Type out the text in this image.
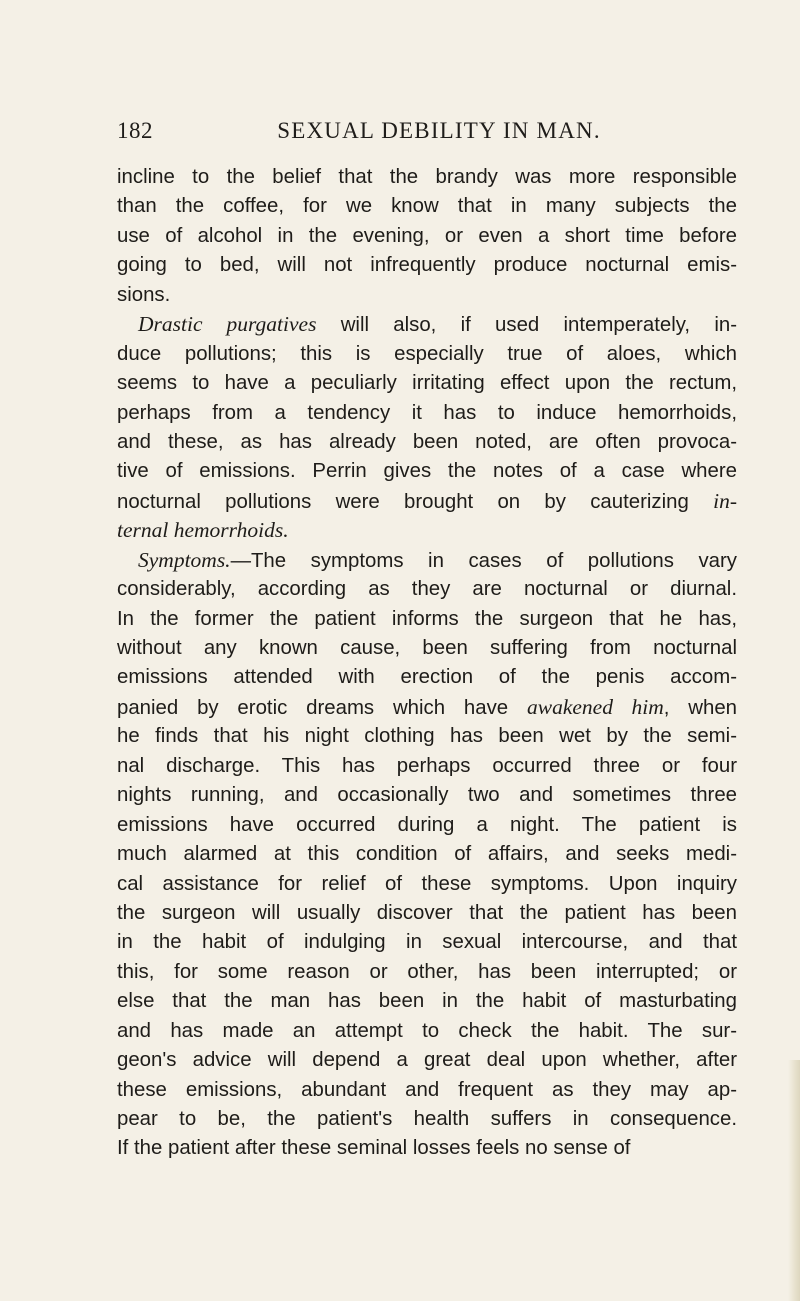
182	SEXUAL DEBILITY IN MAN.
incline to the belief that the brandy was more responsible
than the coffee, for we know that in many subjects the
use of alcohol in the evening, or even a short time before
going to bed, will not infrequently produce nocturnal emis-
sions.
Drastic purgatives will also, if used intemperately, in-
duce pollutions; this is especially true of aloes, which
seems to have a peculiarly irritating effect upon the rectum,
perhaps from a tendency it has to induce hemorrhoids,
and these, as has already been noted, are often provoca-
tive of emissions. Perrin gives the notes of a case where
nocturnal pollutions were brought on by cauterizing in-
ternal hemorrhoids.
Symptoms.—The symptoms in cases of pollutions vary
considerably, according as they are nocturnal or diurnal.
In the former the patient informs the surgeon that he has,
without any known cause, been suffering from nocturnal
emissions attended with erection of the penis accom-
panied by erotic dreams which have awakened him, when
he finds that his night clothing has been wet by the semi-
nal discharge. This has perhaps occurred three or four
nights running, and occasionally two and sometimes three
emissions have occurred during a night. The patient is
much alarmed at this condition of affairs, and seeks medi-
cal assistance for relief of these symptoms. Upon inquiry
the surgeon will usually discover that the patient has been
in the habit of indulging in sexual intercourse, and that
this, for some reason or other, has been interrupted; or
else that the man has been in the habit of masturbating
and has made an attempt to check the habit. The sur-
geon's advice will depend a great deal upon whether, after
these emissions, abundant and frequent as they may ap-
pear to be, the patient's health suffers in consequence.
If the patient after these seminal losses feels no sense of
